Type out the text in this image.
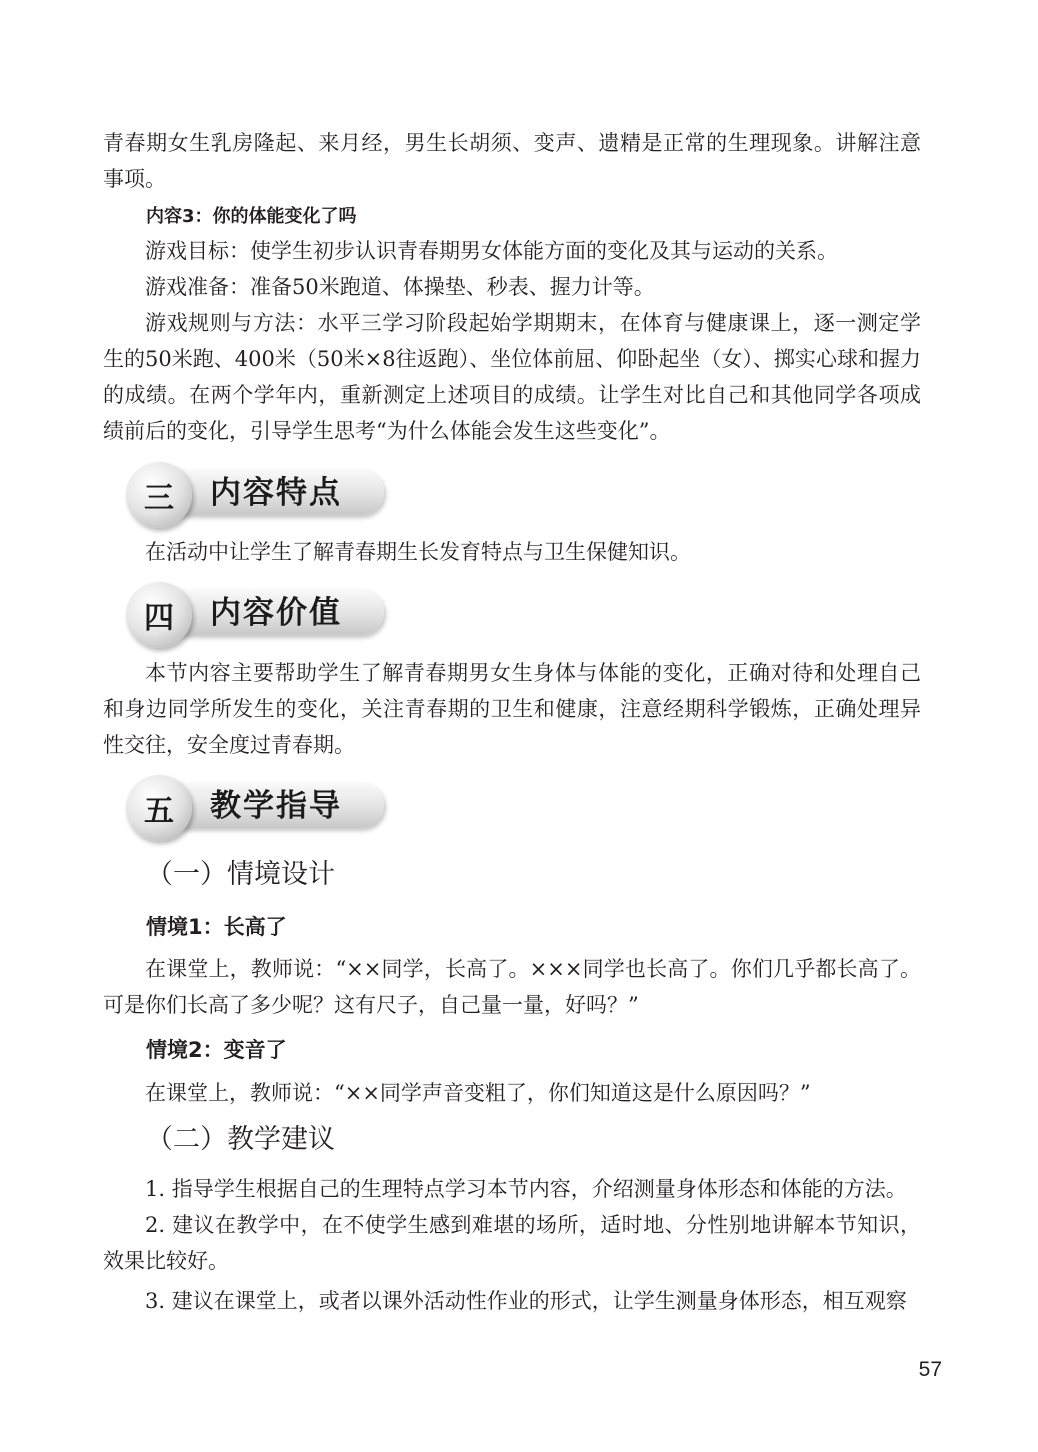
青春期女生乳房隆起、来月经，男生长胡须、变声、遗精是正常的生理现象。讲解注意事项。

内容3：你的体能变化了吗

游戏目标：使学生初步认识青春期男女体能方面的变化及其与运动的关系。

游戏准备：准备50米跑道、体操垫、秒表、握力计等。

游戏规则与方法：水平三学习阶段起始学期期末，在体育与健康课上，逐一测定学生的50米跑、400米（50米×8往返跑）、坐位体前屈、仰卧起坐（女）、掷实心球和握力的成绩。在两个学年内，重新测定上述项目的成绩。让学生对比自己和其他同学各项成绩前后的变化，引导学生思考“为什么体能会发生这些变化”。

三 内容特点

在活动中让学生了解青春期生长发育特点与卫生保健知识。

四 内容价值

本节内容主要帮助学生了解青春期男女生身体与体能的变化，正确对待和处理自己和身边同学所发生的变化，关注青春期的卫生和健康，注意经期科学锻炼，正确处理异性交往，安全度过青春期。

五 教学指导
（一）情境设计

情境1：长高了

在课堂上，教师说：“××同学，长高了。×××同学也长高了。你们几乎都长高了。可是你们长高了多少呢？这有尺子，自己量一量，好吗？”

情境2：变音了

在课堂上，教师说：“××同学声音变粗了，你们知道这是什么原因吗？”

（二）教学建议

1. 指导学生根据自己的生理特点学习本节内容，介绍测量身体形态和体能的方法。

2. 建议在教学中，在不使学生感到难堪的场所，适时地、分性别地讲解本节知识，效果比较好。

3. 建议在课堂上，或者以课外活动性作业的形式，让学生测量身体形态，相互观察

57
